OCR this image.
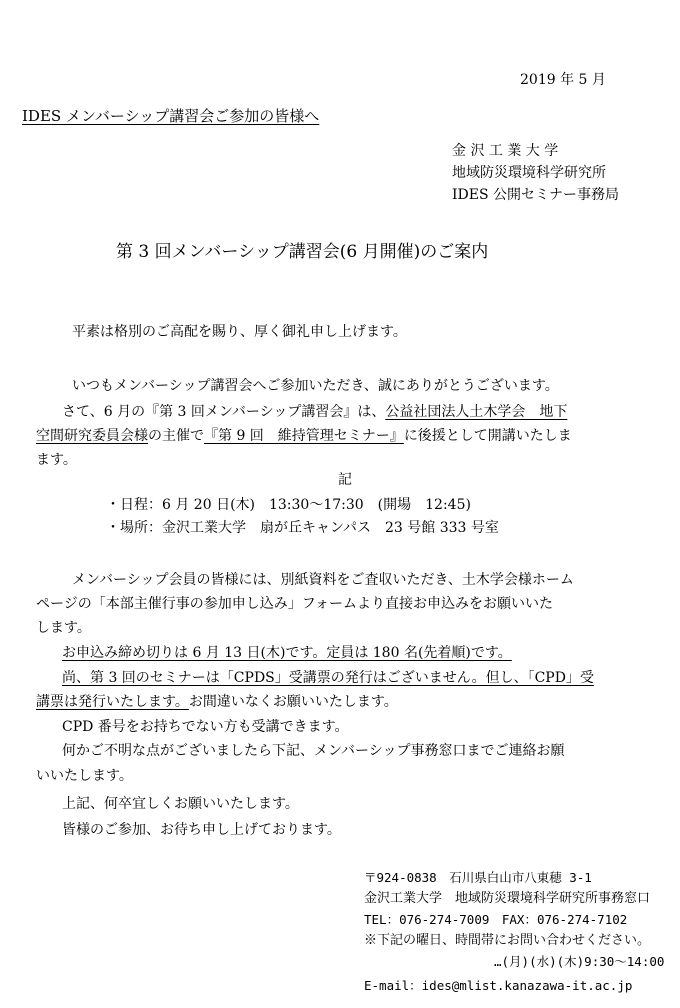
2019 年 5 月
IDES メンバーシップ講習会ご参加の皆様へ
金 沢 工 業 大 学
地域防災環境科学研究所
IDES 公開セミナー事務局
第 3 回メンバーシップ講習会(6 月開催)のご案内
平素は格別のご高配を賜り、厚く御礼申し上げます。
いつもメンバーシップ講習会へご参加いただき、誠にありがとうございます。
さて、6 月の『第 3 回メンバーシップ講習会』は、公益社団法人土木学会　地下
空間研究委員会様の主催で『第 9 回　維持管理セミナー』に後援として開講いたしま
ます。
記
・日程：6 月 20 日(木)　13:30〜17:30　(開場　12:45)
・場所：金沢工業大学　扇が丘キャンパス　23 号館 333 号室
メンバーシップ会員の皆様には、別紙資料をご査収いただき、土木学会様ホーム
ページの「本部主催行事の参加申し込み」フォームより直接お申込みをお願いいた
します。
お申込み締め切りは 6 月 13 日(木)です。定員は 180 名(先着順)です。
尚、第 3 回のセミナーは「CPDS」受講票の発行はございません。但し、「CPD」受
講票は発行いたします。お間違いなくお願いいたします。
CPD 番号をお持ちでない方も受講できます。
何かご不明な点がございましたら下記、メンバーシップ事務窓口までご連絡お願
いいたします。
上記、何卒宜しくお願いいたします。
皆様のご参加、お待ち申し上げております。
〒924-0838　石川県白山市八東穂 3-1
金沢工業大学　地域防災環境科学研究所事務窓口
TEL：076-274-7009　FAX：076-274-7102
※下記の曜日、時間帯にお問い合わせください。
…(月)(水)(木)9:30〜14:00
E-mail：ides@mlist.kanazawa-it.ac.jp
